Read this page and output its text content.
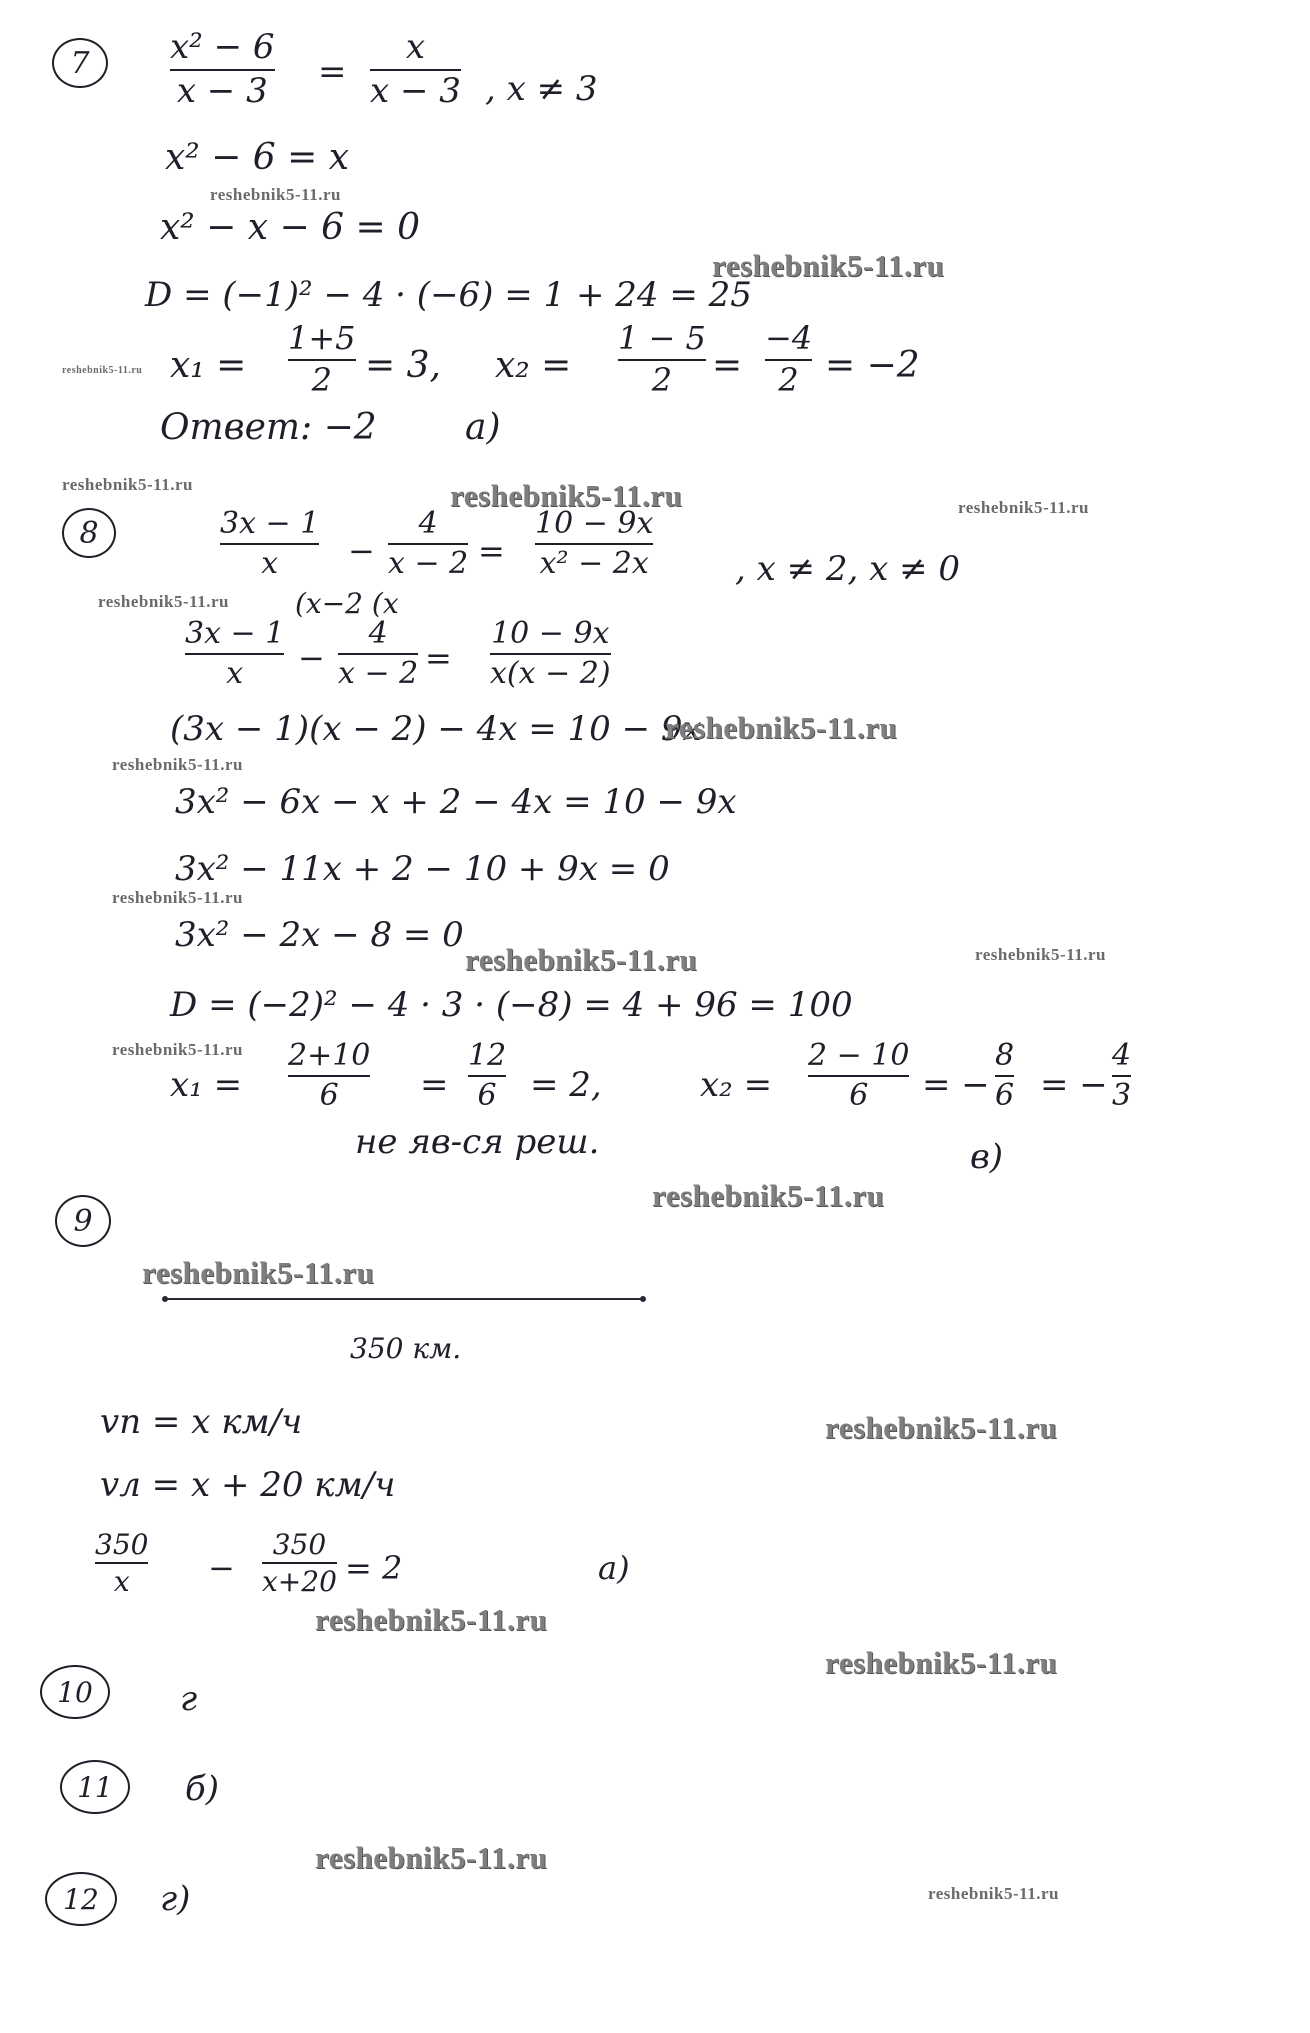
7 x² − 6
x − 3 =
x
x − 3 , x ≠ 3
x² − 6 = x
reshebnik5-11.ru
x² − x − 6 = 0
D = (−1)² − 4 · (−6) = 1 + 24 = 25
reshebnik5-11.ru
reshebnik5-11.ru x₁ =
1+5
2 = 3, x₂ =
1 − 5
2 =
−4
2 = −2
Ответ: −2 а)
reshebnik5-11.ru	reshebnik5-11.ru	reshebnik5-11.ru
8	3x − 1
x −
4
x − 2 =
10 − 9x
x² − 2x	, x ≠ 2, x ≠ 0
reshebnik5-11.ru (x−2 (x
3x − 1
x −
4
x − 2 =
10 − 9x
x(x − 2)
(3x − 1)(x − 2) − 4x = 10 − 9x
reshebnik5-11.ru
reshebnik5-11.ru
3x² − 6x − x + 2 − 4x = 10 − 9x
3x² − 11x + 2 − 10 + 9x = 0
reshebnik5-11.ru
3x² − 2x − 8 = 0
reshebnik5-11.ru	reshebnik5-11.ru
D = (−2)² − 4 · 3 · (−8) = 4 + 96 = 100
reshebnik5-11.ru
x₁ =
2+10
6 =
12
6 = 2,	x₂ =
2 − 10
6 = −
8
6 = −
4
3
не яв-ся реш.	в)
9
reshebnik5-11.ru
reshebnik5-11.ru
350 км.
vп = x км/ч	reshebnik5-11.ru
vл = x + 20 км/ч
350
x −
350
x+20 = 2	а)
reshebnik5-11.ru
reshebnik5-11.ru
10	г
11 б)
reshebnik5-11.ru
12 г)	reshebnik5-11.ru
